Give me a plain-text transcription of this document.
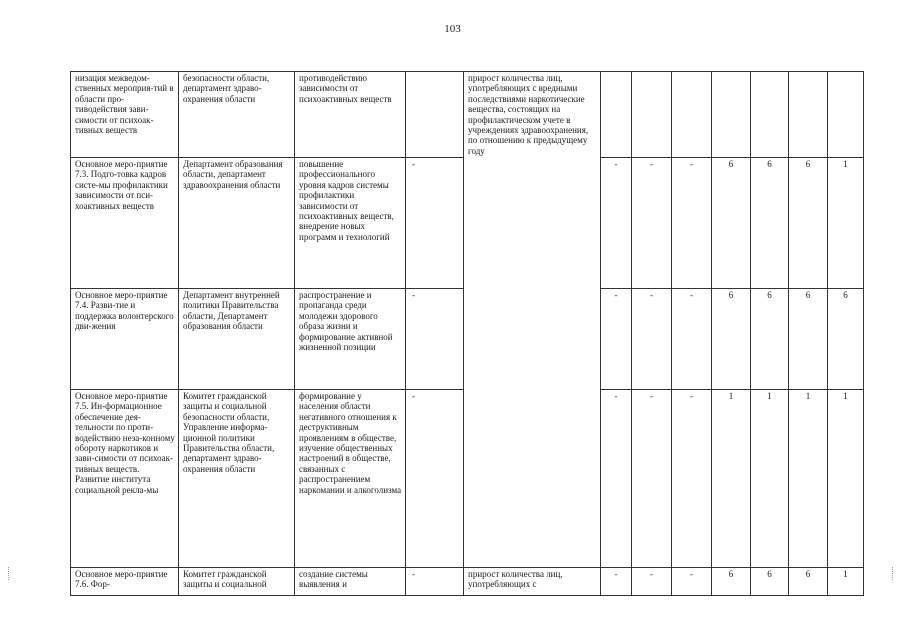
103
низация межведом-ственных мероприя-тий в области про-тиводействия зави-симости от психоак-тивных веществ	безопасности области, департамент здраво-охранения области	противодействию зависимости от психоактивных веществ		прирост количества лиц, употребляющих с вредными последствиями наркотические вещества, состоящих на профилактическом учете в учреждениях здравоохранения, по отношению к предыдущему году							

Основное меро-приятие 7.3. Подго-товка кадров систе-мы профилактики зависимости от пси-хоактивных веществ	Департамент образования области, департамент здравоохранения области	повышение профессионального уровня кадров системы профилактики зависимости от психоактивных веществ, внедрение новых программ и технологий	-		-	-	-	6	6	6	1
Основное меро-приятие 7.4. Разви-тие и поддержка волонтерского дви-жения	Департамент внутренней политики Правительства области, Департамент образования области	распространение и пропаганда среди молодежи здорового образа жизни и формирование активной жизненной позиции	-		-	-	-	6	6	6	6
Основное меро-приятие 7.5. Ин-формационное обеспечение дея-тельности по проти-водействию неза-конному обороту наркотиков и зави-симости от психоак-тивных веществ. Развитие института социальной рекла-мы	Комитет гражданской защиты и социальной безопасности области, Управление информа-ционной политики Правительства области, департамент здраво-охранения области	формирование у населения области негативного отношения к деструктивным проявлениям в обществе, изучение общественных настроений в обществе, связанных с распространением наркомании и алкоголизма	-		-	-	-	1	1	1	1
Основное меро-приятие 7.6. Фор-	Комитет гражданской защиты и социальной	создание системы выявления и	-	прирост количества лиц, употребляющих с	-	-	-	6	6	6	1
